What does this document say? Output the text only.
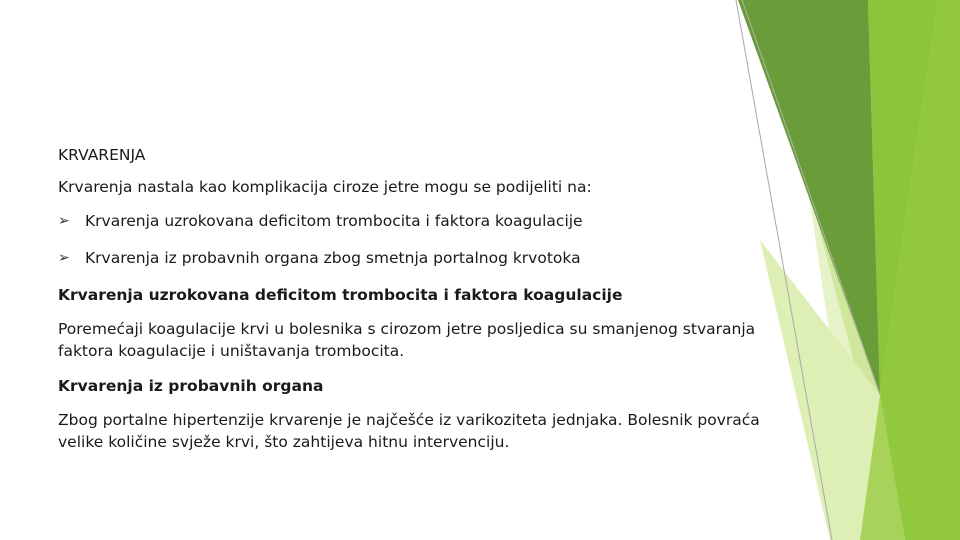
KRVARENJA

Krvarenja nastala kao komplikacija ciroze jetre mogu se podijeliti na:

➢ Krvarenja uzrokovana deficitom trombocita i faktora koagulacije
➢ Krvarenja iz probavnih organa zbog smetnja portalnog krvotoka

Krvarenja uzrokovana deficitom trombocita i faktora koagulacije

Poremećaji koagulacije krvi u bolesnika s cirozom jetre posljedica su smanjenog stvaranja
faktora koagulacije i uništavanja trombocita.

Krvarenja iz probavnih organa

Zbog portalne hipertenzije krvarenje je najčešće iz varikoziteta jednjaka. Bolesnik povraća
velike količine svježe krvi, što zahtijeva hitnu intervenciju.
